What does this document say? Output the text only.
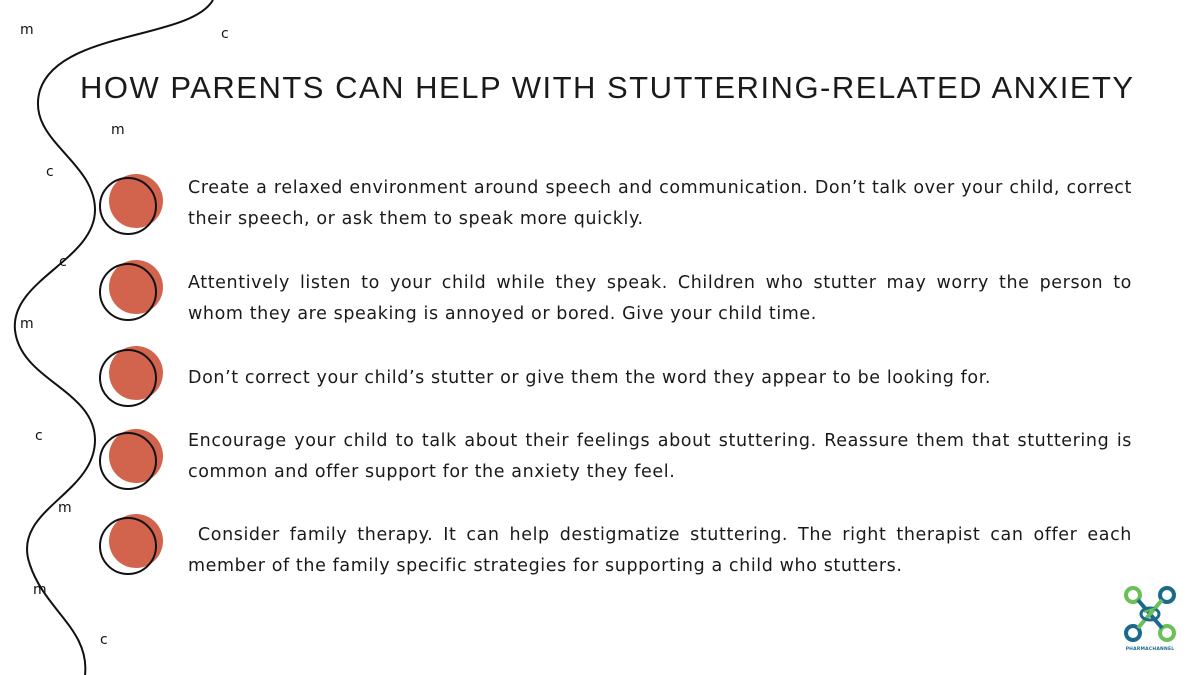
m	c
m
c
c
m
c
m
m
c
HOW PARENTS CAN HELP WITH STUTTERING-RELATED ANXIETY

Create a relaxed environment around speech and communication. Don’t talk over your child, correct their speech, or ask them to speak more quickly.

Attentively listen to your child while they speak. Children who stutter may worry the person to whom they are speaking is annoyed or bored. Give your child time.

Don’t correct your child’s stutter or give them the word they appear to be looking for.

Encourage your child to talk about their feelings about stuttering. Reassure them that stuttering is common and offer support for the anxiety they feel.

Consider family therapy. It can help destigmatize stuttering. The right therapist can offer each member of the family specific strategies for supporting a child who stutters.

PHARMACHANNEL
